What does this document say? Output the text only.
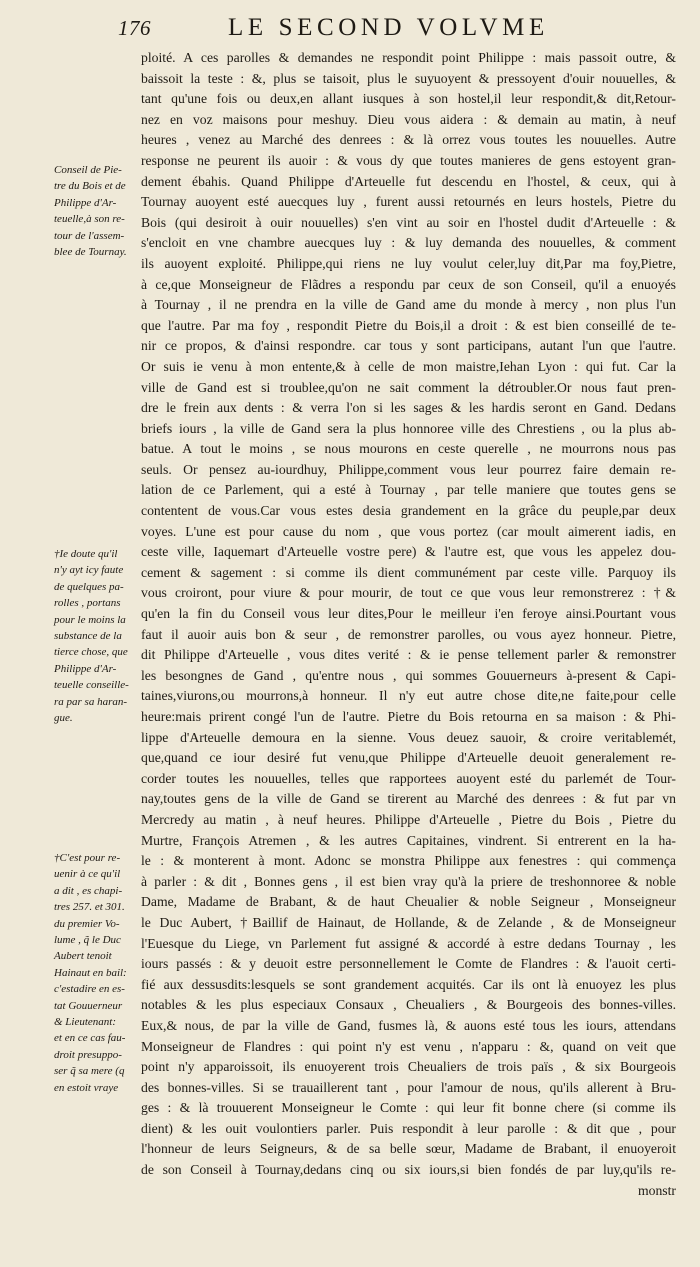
176	LE SECOND VOLVME
ploité. A ces parolles & demandes ne respondit point Philippe : mais passoit outre, &
baissoit la teste : &, plus se taisoit, plus le suyuoyent & pressoyent d'ouir nouuelles, &
tant qu'une fois ou deux,en allant iusques à son hostel,il leur respondit,& dit,Retour-
nez en voz maisons pour meshuy. Dieu vous aidera : & demain au matin, à neuf
heures , venez au Marché des denrees : & là orrez vous toutes les nouuelles. Autre
response ne peurent ils auoir : & vous dy que toutes manieres de gens estoyent gran-
dement ébahis. Quand Philippe d'Arteuelle fut descendu en l'hostel, & ceux, qui à
Tournay auoyent esté auecques luy , furent aussi retournés en leurs hostels, Pietre du
Bois (qui desiroit à ouir nouuelles) s'en vint au soir en l'hostel dudit d'Arteuelle : &
s'encloit en vne chambre auecques luy : & luy demanda des nouuelles, & comment
ils auoyent exploité. Philippe,qui riens ne luy voulut celer,luy dit,Par ma foy,Pietre,
à ce,que Monseigneur de Flãdres a respondu par ceux de son Conseil, qu'il a enuoyés
à Tournay , il ne prendra en la ville de Gand ame du monde à mercy , non plus l'un
que l'autre. Par ma foy , respondit Pietre du Bois,il a droit : & est bien conseillé de te-
nir ce propos, & d'ainsi respondre. car tous y sont participans, autant l'un que l'autre.
Or suis ie venu à mon entente,& à celle de mon maistre,Iehan Lyon : qui fut. Car la
ville de Gand est si troublee,qu'on ne sait comment la détroubler.Or nous faut pren-
dre le frein aux dents : & verra l'on si les sages & les hardis seront en Gand. Dedans
briefs iours , la ville de Gand sera la plus honnoree ville des Chrestiens , ou la plus ab-
batue. A tout le moins , se nous mourons en ceste querelle , ne mourrons nous pas
seuls. Or pensez au-iourdhuy, Philippe,comment vous leur pourrez faire demain re-
lation de ce Parlement, qui a esté à Tournay , par telle maniere que toutes gens se
contentent de vous.Car vous estes desia grandement en la grâce du peuple,par deux
voyes. L'une est pour cause du nom , que vous portez (car moult aimerent iadis, en
ceste ville, Iaquemart d'Arteuelle vostre pere) & l'autre est, que vous les appelez dou-
cement & sagement : si comme ils dient communément par ceste ville. Parquoy ils
vous croiront, pour viure & pour mourir, de tout ce que vous leur remonstrerez : †&
qu'en la fin du Conseil vous leur dites,Pour le meilleur i'en feroye ainsi.Pourtant vous
faut il auoir auis bon & seur , de remonstrer parolles, ou vous ayez honneur. Pietre,
dit Philippe d'Arteuelle , vous dites verité : & ie pense tellement parler & remonstrer
les besongnes de Gand , qu'entre nous , qui sommes Gouuerneurs à-present & Capi-
taines,viurons,ou mourrons,à honneur. Il n'y eut autre chose dite,ne faite,pour celle
heure:mais prirent congé l'un de l'autre. Pietre du Bois retourna en sa maison : & Phi-
lippe d'Arteuelle demoura en la sienne. Vous deuez sauoir, & croire veritablemét,
que,quand ce iour desiré fut venu,que Philippe d'Arteuelle deuoit generalement re-
corder toutes les nouuelles, telles que rapportees auoyent esté du parlemét de Tour-
nay,toutes gens de la ville de Gand se tirerent au Marché des denrees : & fut par vn
Mercredy au matin , à neuf heures. Philippe d'Arteuelle , Pietre du Bois , Pietre du
Murtre, François Atremen , & les autres Capitaines, vindrent. Si entrerent en la ha-
le : & monterent à mont. Adonc se monstra Philippe aux fenestres : qui commença
à parler : & dit , Bonnes gens , il est bien vray qu'à la priere de treshonnoree & noble
Dame, Madame de Brabant, & de haut Cheualier & noble Seigneur , Monseigneur
le Duc Aubert, †Baillif de Hainaut, de Hollande, & de Zelande , & de Monseigneur
l'Euesque du Liege, vn Parlement fut assigné & accordé à estre dedans Tournay , les
iours passés : & y deuoit estre personnellement le Comte de Flandres : & l'auoit certi-
fié aux dessusdits:lesquels se sont grandement acquités. Car ils ont là enuoyez les plus
notables & les plus especiaux Consaux , Cheualiers , & Bourgeois des bonnes-villes.
Eux,& nous, de par la ville de Gand, fusmes là, & auons esté tous les iours, attendans
Monseigneur de Flandres : qui point n'y est venu , n'apparu : &, quand on veit que
point n'y apparoissoit, ils enuoyerent trois Cheualiers de trois païs , & six Bourgeois
des bonnes-villes. Si se trauaillerent tant , pour l'amour de nous, qu'ils allerent à Bru-
ges : & là trouuerent Monseigneur le Comte : qui leur fit bonne chere (si comme ils
dient) & les ouit voulontiers parler. Puis respondit à leur parolle : & dit que , pour
l'honneur de leurs Seigneurs, & de sa belle sœur, Madame de Brabant, il enuoyeroit
de son Conseil à Tournay,dedans cinq ou six iours,si bien fondés de par luy,qu'ils re-
monstr
Conseil de Pie-
tre du Bois et de
Philippe d'Ar-
teuelle,à son re-
tour de l'assem-
blee de Tournay.
†Ie doute qu'il
n'y ayt icy faute
de quelques pa-
rolles , portans
pour le moins la
substance de la
tierce chose, que
Philippe d'Ar-
teuelle conseille-
ra par sa haran-
gue.
†C'est pour re-
uenir à ce qu'il
a dit , es chapi-
tres 257. et 301.
du premier Vo-
lume , q̃ le Duc
Aubert tenoit
Hainaut en bail:
c'estadire en es-
tat Gouuerneur
& Lieutenant:
et en ce cas fau-
droit presuppo-
ser q̃ sa mere (q
en estoit vraye
